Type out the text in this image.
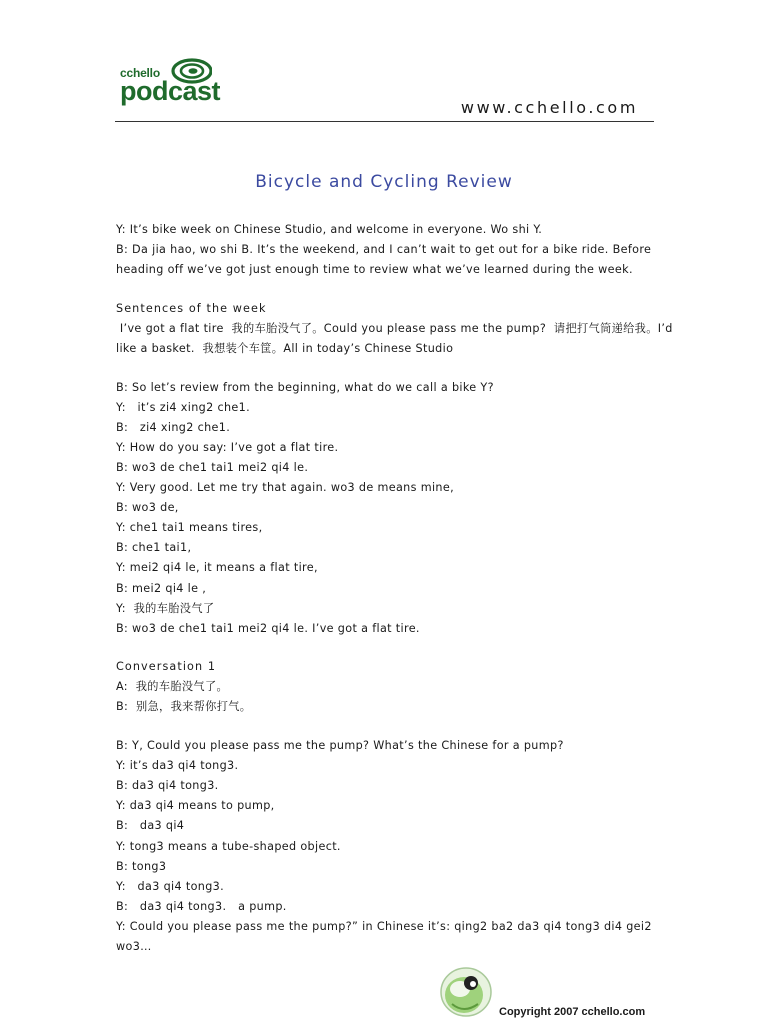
cchello
podcast
www.cchello.com
Bicycle and Cycling Review
Y: It’s bike week on Chinese Studio, and welcome in everyone. Wo shi Y.
B: Da jia hao, wo shi B. It’s the weekend, and I can’t wait to get out for a bike ride. Before
heading off we’ve got just enough time to review what we’ve learned during the week.
Sentences of the week
I’ve got a flat tire  我的车胎没气了。Could you please pass me the pump?  请把打气筒递给我。I’d
like a basket.  我想装个车筐。All in today’s Chinese Studio
B: So let’s review from the beginning, what do we call a bike Y?
Y:   it’s zi4 xing2 che1.
B:   zi4 xing2 che1.
Y: How do you say: I’ve got a flat tire.
B: wo3 de che1 tai1 mei2 qi4 le.
Y: Very good. Let me try that again. wo3 de means mine,
B: wo3 de,
Y: che1 tai1 means tires,
B: che1 tai1,
Y: mei2 qi4 le, it means a flat tire,
B: mei2 qi4 le ,
Y:  我的车胎没气了
B: wo3 de che1 tai1 mei2 qi4 le. I’ve got a flat tire.
Conversation 1
A:  我的车胎没气了。
B:  别急，我来帮你打气。
B: Y, Could you please pass me the pump? What’s the Chinese for a pump?
Y: it’s da3 qi4 tong3.
B: da3 qi4 tong3.
Y: da3 qi4 means to pump,
B:   da3 qi4
Y: tong3 means a tube-shaped object.
B: tong3
Y:   da3 qi4 tong3.
B:   da3 qi4 tong3.   a pump.
Y: Could you please pass me the pump?” in Chinese it’s: qing2 ba2 da3 qi4 tong3 di4 gei2
wo3…
Copyright 2007 cchello.com
